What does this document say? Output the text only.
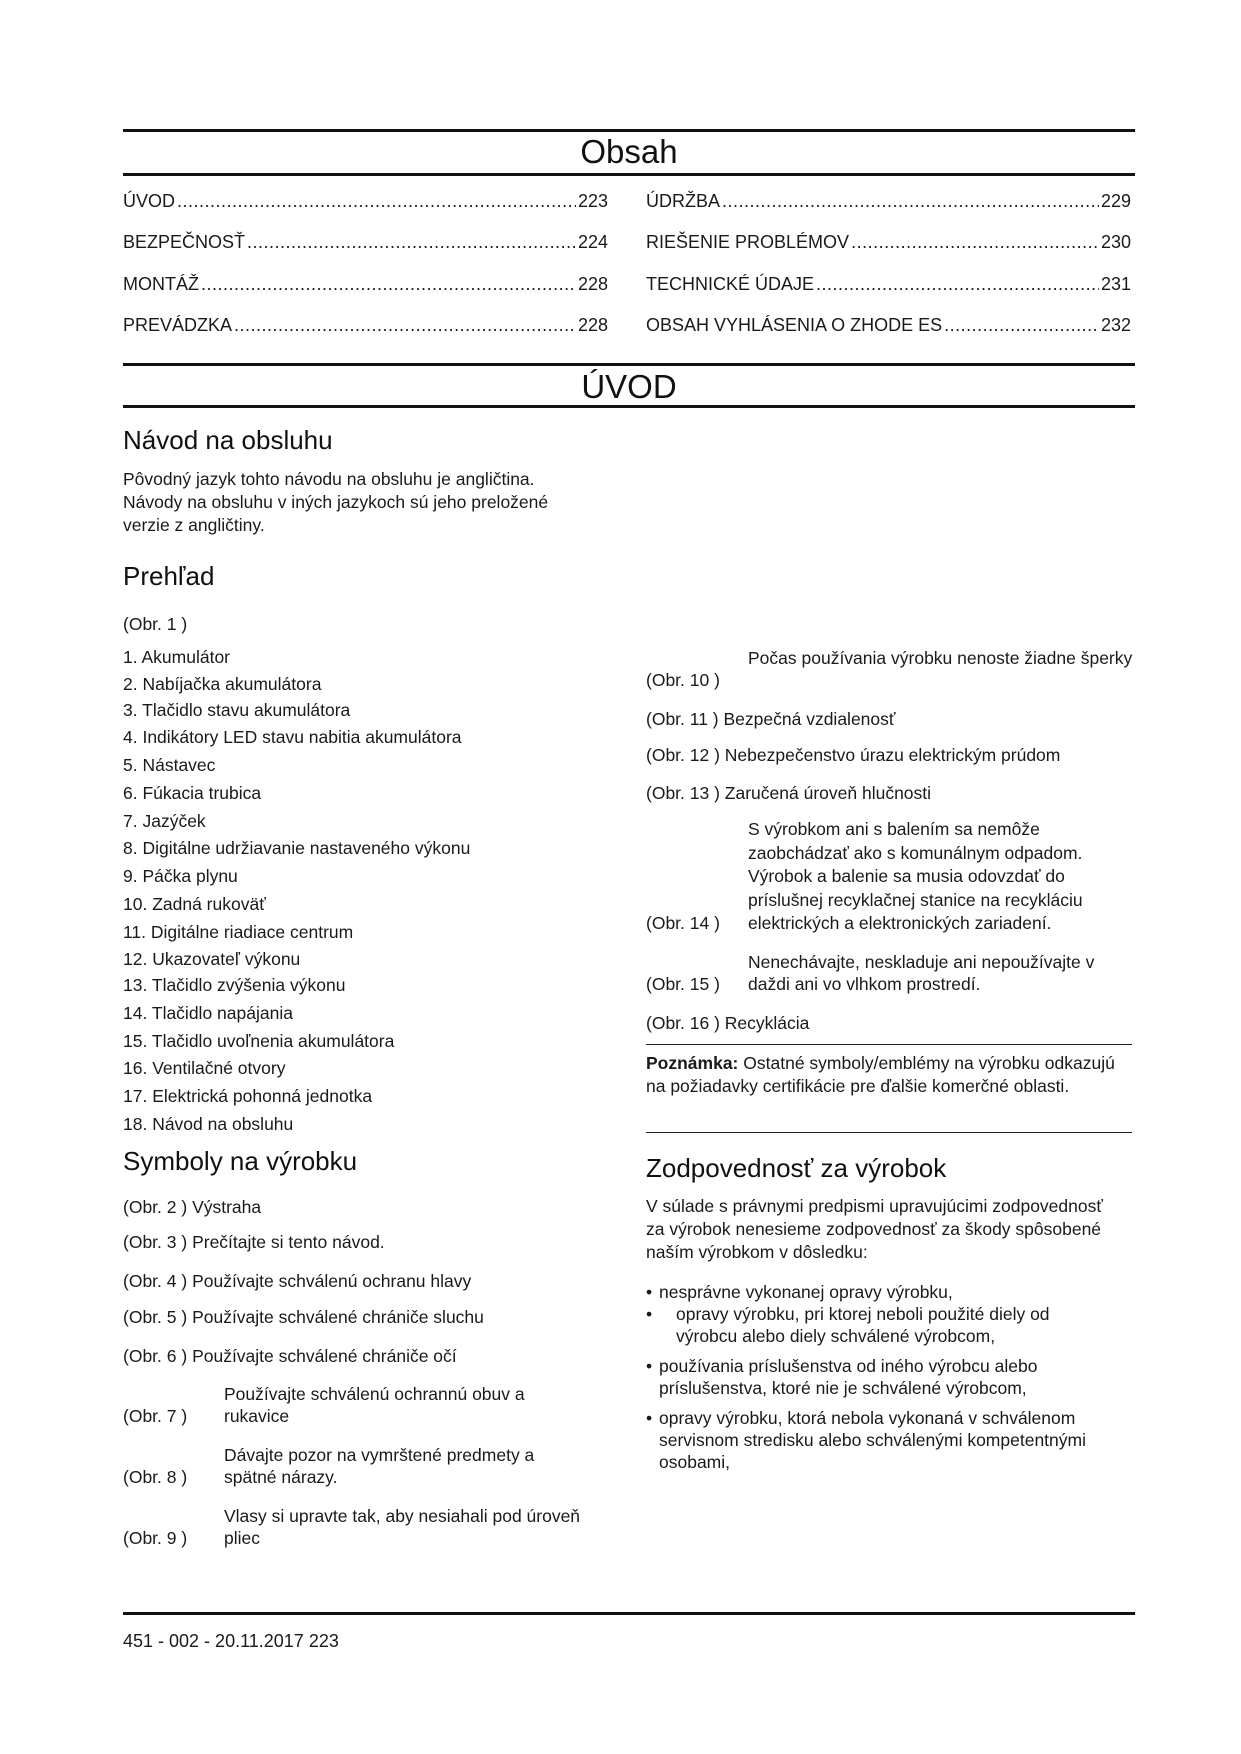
Obsah
ÚVOD .....	223
BEZPEČNOSŤ .....	224
MONTÁŽ .....	228
PREVÁDZKA .....	228
ÚDRŽBA .....	229
RIEŠENIE PROBLÉMOV .....	230
TECHNICKÉ ÚDAJE .....	231
OBSAH VYHLÁSENIA O ZHODE ES .....	232
ÚVOD
Návod na obsluhu
Pôvodný jazyk tohto návodu na obsluhu je angličtina. Návody na obsluhu v iných jazykoch sú jeho preložené verzie z angličtiny.
Prehľad
(Obr. 1 )
1. Akumulátor
2. Nabíjačka akumulátora
3. Tlačidlo stavu akumulátora
4. Indikátory LED stavu nabitia akumulátora
5. Nástavec
6. Fúkacia trubica
7. Jazýček
8. Digitálne udržiavanie nastaveného výkonu
9. Páčka plynu
10. Zadná rukoväť
11. Digitálne riadiace centrum
12. Ukazovateľ výkonu
13. Tlačidlo zvýšenia výkonu
14. Tlačidlo napájania
15. Tlačidlo uvoľnenia akumulátora
16. Ventilačné otvory
17. Elektrická pohonná jednotka
18. Návod na obsluhu
Symboly na výrobku
(Obr. 2 ) Výstraha
(Obr. 3 ) Prečítajte si tento návod.
(Obr. 4 ) Používajte schválenú ochranu hlavy
(Obr. 5 ) Používajte schválené chrániče sluchu
(Obr. 6 ) Používajte schválené chrániče očí
(Obr. 7 )
Používajte schválenú ochrannú obuv a rukavice
(Obr. 8 )
Dávajte pozor na vymrštené predmety a spätné nárazy.
(Obr. 9 )
Vlasy si upravte tak, aby nesiahali pod úroveň pliec
(Obr. 10 )
Počas používania výrobku nenoste žiadne šperky
(Obr. 11 ) Bezpečná vzdialenosť
(Obr. 12 ) Nebezpečenstvo úrazu elektrickým prúdom
(Obr. 13 ) Zaručená úroveň hlučnosti
(Obr. 14 )
S výrobkom ani s balením sa nemôže zaobchádzať ako s komunálnym odpadom. Výrobok a balenie sa musia odovzdať do príslušnej recyklačnej stanice na recykláciu elektrických a elektronických zariadení.
(Obr. 15 )
Nenechávajte, neskladuje ani nepoužívajte v daždi ani vo vlhkom prostredí.
(Obr. 16 ) Recyklácia
Poznámka: Ostatné symboly/emblémy na výrobku odkazujú na požiadavky certifikácie pre ďalšie komerčné oblasti.
Zodpovednosť za výrobok
V súlade s právnymi predpismi upravujúcimi zodpovednosť za výrobok nenesieme zodpovednosť za škody spôsobené naším výrobkom v dôsledku:
• nesprávne vykonanej opravy výrobku,
• opravy výrobku, pri ktorej neboli použité diely od výrobcu alebo diely schválené výrobcom,
• používania príslušenstva od iného výrobcu alebo príslušenstva, ktoré nie je schválené výrobcom,
• opravy výrobku, ktorá nebola vykonaná v schválenom servisnom stredisku alebo schválenými kompetentnými osobami,
451 - 002 - 20.11.2017 223
